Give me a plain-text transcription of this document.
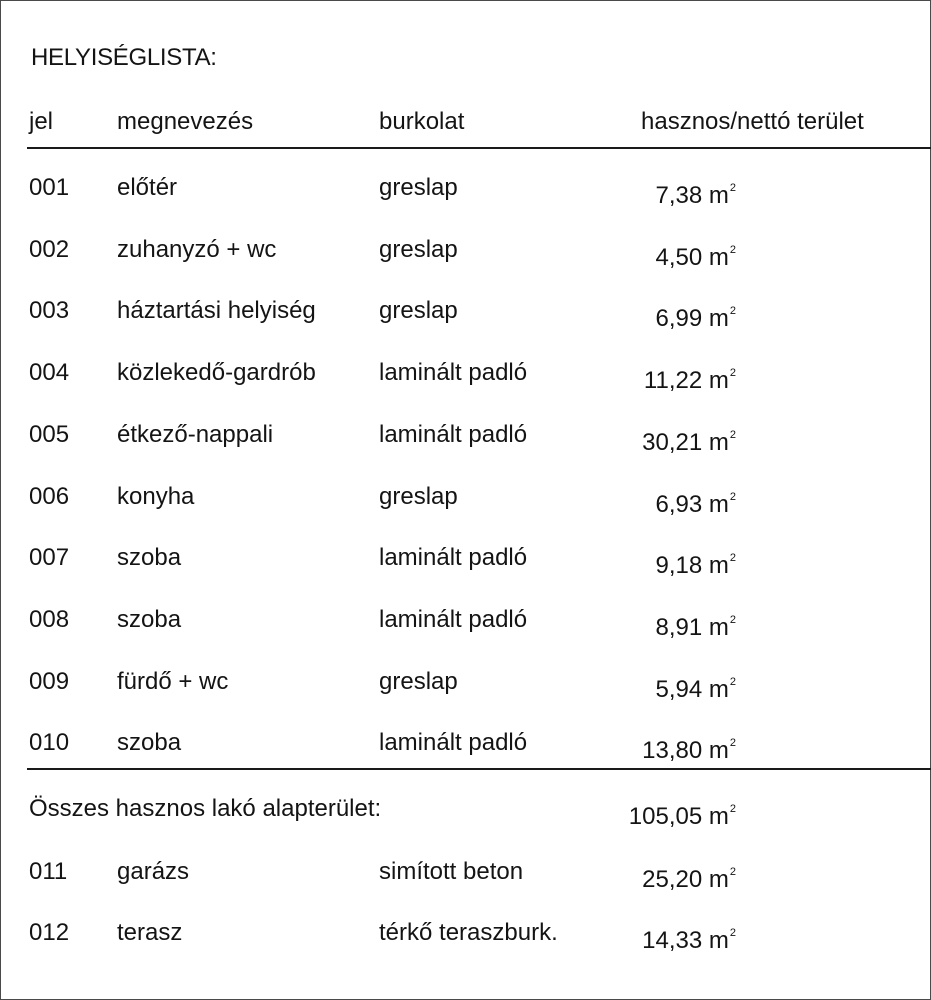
HELYISÉGLISTA:
jel	megnevezés	burkolat	hasznos/nettó terület
001 előtér	greslap	7,38 $m^2$
002 zuhanyzó + wc	greslap	4,50 $m^2$
003 háztartási helyiség	greslap	6,99 $m^2$
004 közlekedő-gardrób	laminált padló	11,22 $m^2$
005 étkező-nappali	laminált padló	30,21 $m^2$
006 konyha	greslap	6,93 $m^2$
007 szoba	laminált padló	9,18 $m^2$
008 szoba	laminált padló	8,91 $m^2$
009 fürdő + wc	greslap	5,94 $m^2$
010 szoba	laminált padló	13,80 $m^2$
Összes hasznos lakó alapterület:	105,05 $m^2$
011 garázs	simított beton	25,20 $m^2$
012 terasz	térkő teraszburk.	14,33 $m^2$
